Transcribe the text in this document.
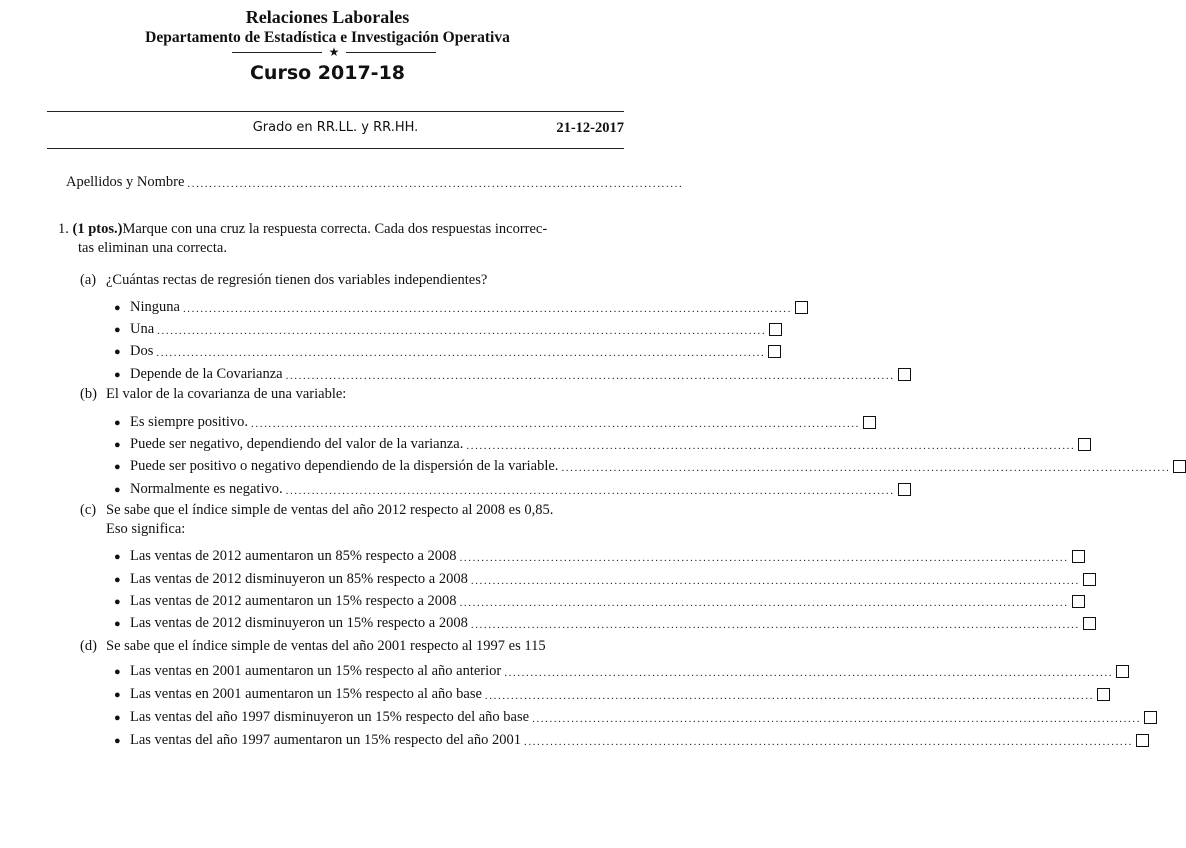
Relaciones Laborales
Departamento de Estadística e Investigación Operativa
★
Curso 2017-18
Grado en RR.LL. y RR.HH.	21-12-2017
Apellidos y Nombre ..................................................................................................................
1. (1 ptos.)Marque con una cruz la respuesta correcta. Cada dos respuestas incorrec-
tas eliminan una correcta.
(a) ¿Cuántas rectas de regresión tienen dos variables independientes?
● Ninguna ............................................................................................................................................
● Una ............................................................................................................................................
● Dos ............................................................................................................................................
● Depende de la Covarianza ............................................................................................................................................
(b) El valor de la covarianza de una variable:
● Es siempre positivo. ............................................................................................................................................
● Puede ser negativo, dependiendo del valor de la varianza. ............................................................................................................................................
● Puede ser positivo o negativo dependiendo de la dispersión de la variable. ............................................................................................................................................
● Normalmente es negativo. ............................................................................................................................................
(c) Se sabe que el índice simple de ventas del año 2012 respecto al 2008 es 0,85.
Eso significa:
● Las ventas de 2012 aumentaron un 85% respecto a 2008 ............................................................................................................................................
● Las ventas de 2012 disminuyeron un 85% respecto a 2008 ............................................................................................................................................
● Las ventas de 2012 aumentaron un 15% respecto a 2008 ............................................................................................................................................
● Las ventas de 2012 disminuyeron un 15% respecto a 2008 ............................................................................................................................................
(d) Se sabe que el índice simple de ventas del año 2001 respecto al 1997 es 115
● Las ventas en 2001 aumentaron un 15% respecto al año anterior ............................................................................................................................................
● Las ventas en 2001 aumentaron un 15% respecto al año base ............................................................................................................................................
● Las ventas del año 1997 disminuyeron un 15% respecto del año base ............................................................................................................................................
● Las ventas del año 1997 aumentaron un 15% respecto del año 2001 ............................................................................................................................................
